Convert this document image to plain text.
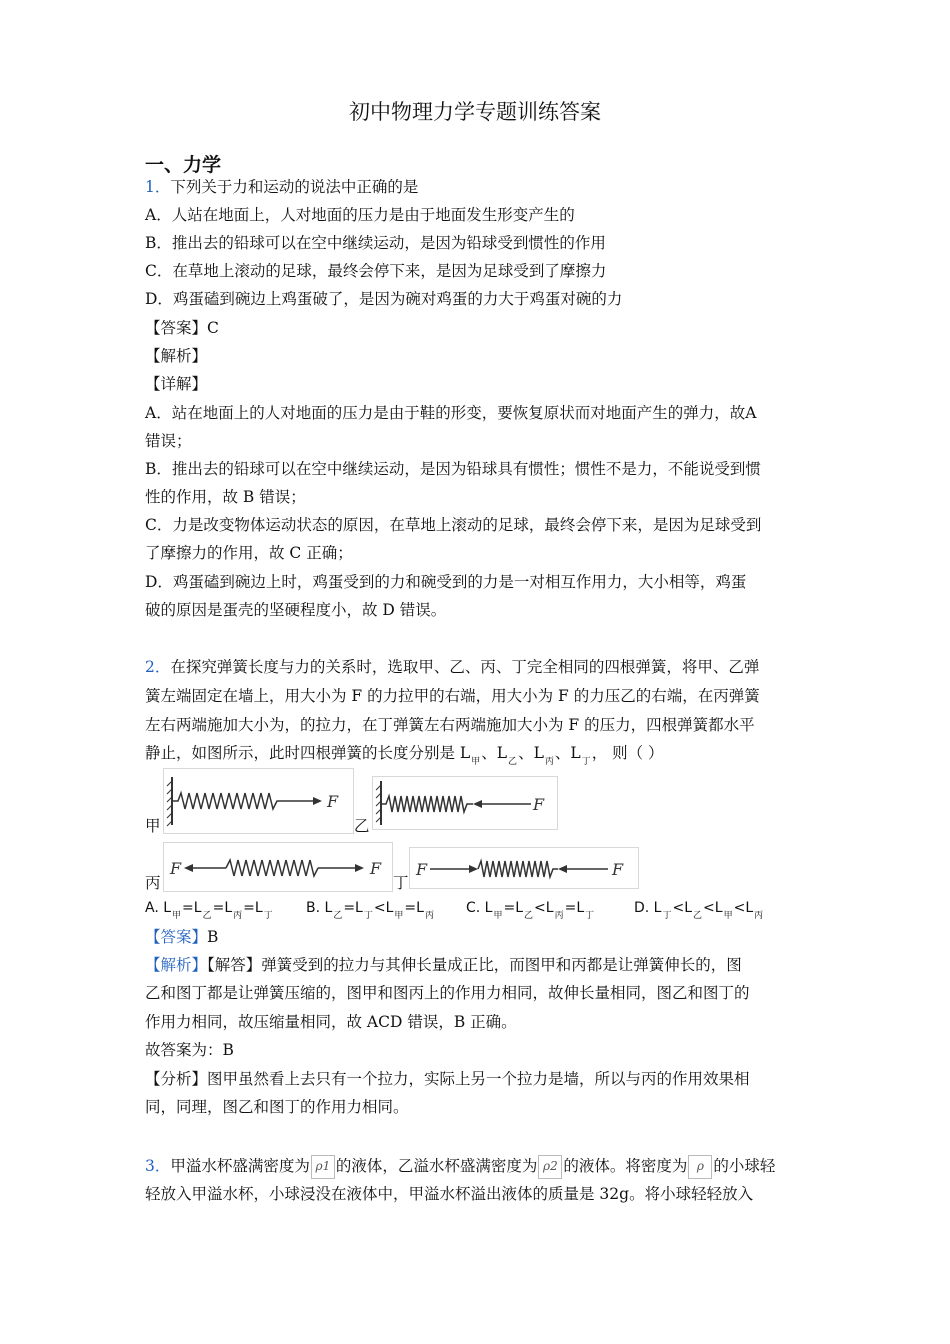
初中物理力学专题训练答案
一、力学
1．下列关于力和运动的说法中正确的是
A．人站在地面上，人对地面的压力是由于地面发生形变产生的
B．推出去的铅球可以在空中继续运动，是因为铅球受到惯性的作用
C．在草地上滚动的足球，最终会停下来，是因为足球受到了摩擦力
D．鸡蛋磕到碗边上鸡蛋破了，是因为碗对鸡蛋的力大于鸡蛋对碗的力
【答案】C
【解析】
【详解】
A．站在地面上的人对地面的压力是由于鞋的形变，要恢复原状而对地面产生的弹力，故A
错误；
B．推出去的铅球可以在空中继续运动，是因为铅球具有惯性；惯性不是力，不能说受到惯
性的作用，故 B 错误；
C．力是改变物体运动状态的原因，在草地上滚动的足球，最终会停下来，是因为足球受到
了摩擦力的作用，故 C 正确；
D．鸡蛋磕到碗边上时，鸡蛋受到的力和碗受到的力是一对相互作用力，大小相等，鸡蛋
破的原因是蛋壳的坚硬程度小，故 D 错误。
2．在探究弹簧长度与力的关系时，选取甲、乙、丙、丁完全相同的四根弹簧，将甲、乙弹
簧左端固定在墙上，用大小为 F 的力拉甲的右端，用大小为 F 的力压乙的右端，在丙弹簧
左右两端施加大小为，的拉力，在丁弹簧左右两端施加大小为 F 的压力，四根弹簧都水平
静止，如图所示，此时四根弹簧的长度分别是 $L_甲$、$L_乙$、$L_丙$、$L_丁$， 则（ ）
甲
F
乙
F
丙
F	F
丁
F	F
A. $L_甲=L_乙=L_丙=L_丁$ B. $L_乙=L_丁<L_甲=L_丙$ C. $L_甲=L_乙<L_丙=L_丁$	D. $L_丁<L_乙<L_甲<L_丙$
【答案】B
【解析】【解答】弹簧受到的拉力与其伸长量成正比，而图甲和丙都是让弹簧伸长的，图
乙和图丁都是让弹簧压缩的，图甲和图丙上的作用力相同，故伸长量相同，图乙和图丁的
作用力相同，故压缩量相同，故 ACD 错误，B 正确。
故答案为：B
【分析】图甲虽然看上去只有一个拉力，实际上另一个拉力是墙，所以与丙的作用效果相
同，同理，图乙和图丁的作用力相同。
3．甲溢水杯盛满密度为 ρ1 的液体，乙溢水杯盛满密度为 ρ2 的液体。将密度为 ρ 的小球轻
轻放入甲溢水杯，小球浸没在液体中，甲溢水杯溢出液体的质量是 32g。将小球轻轻放入
